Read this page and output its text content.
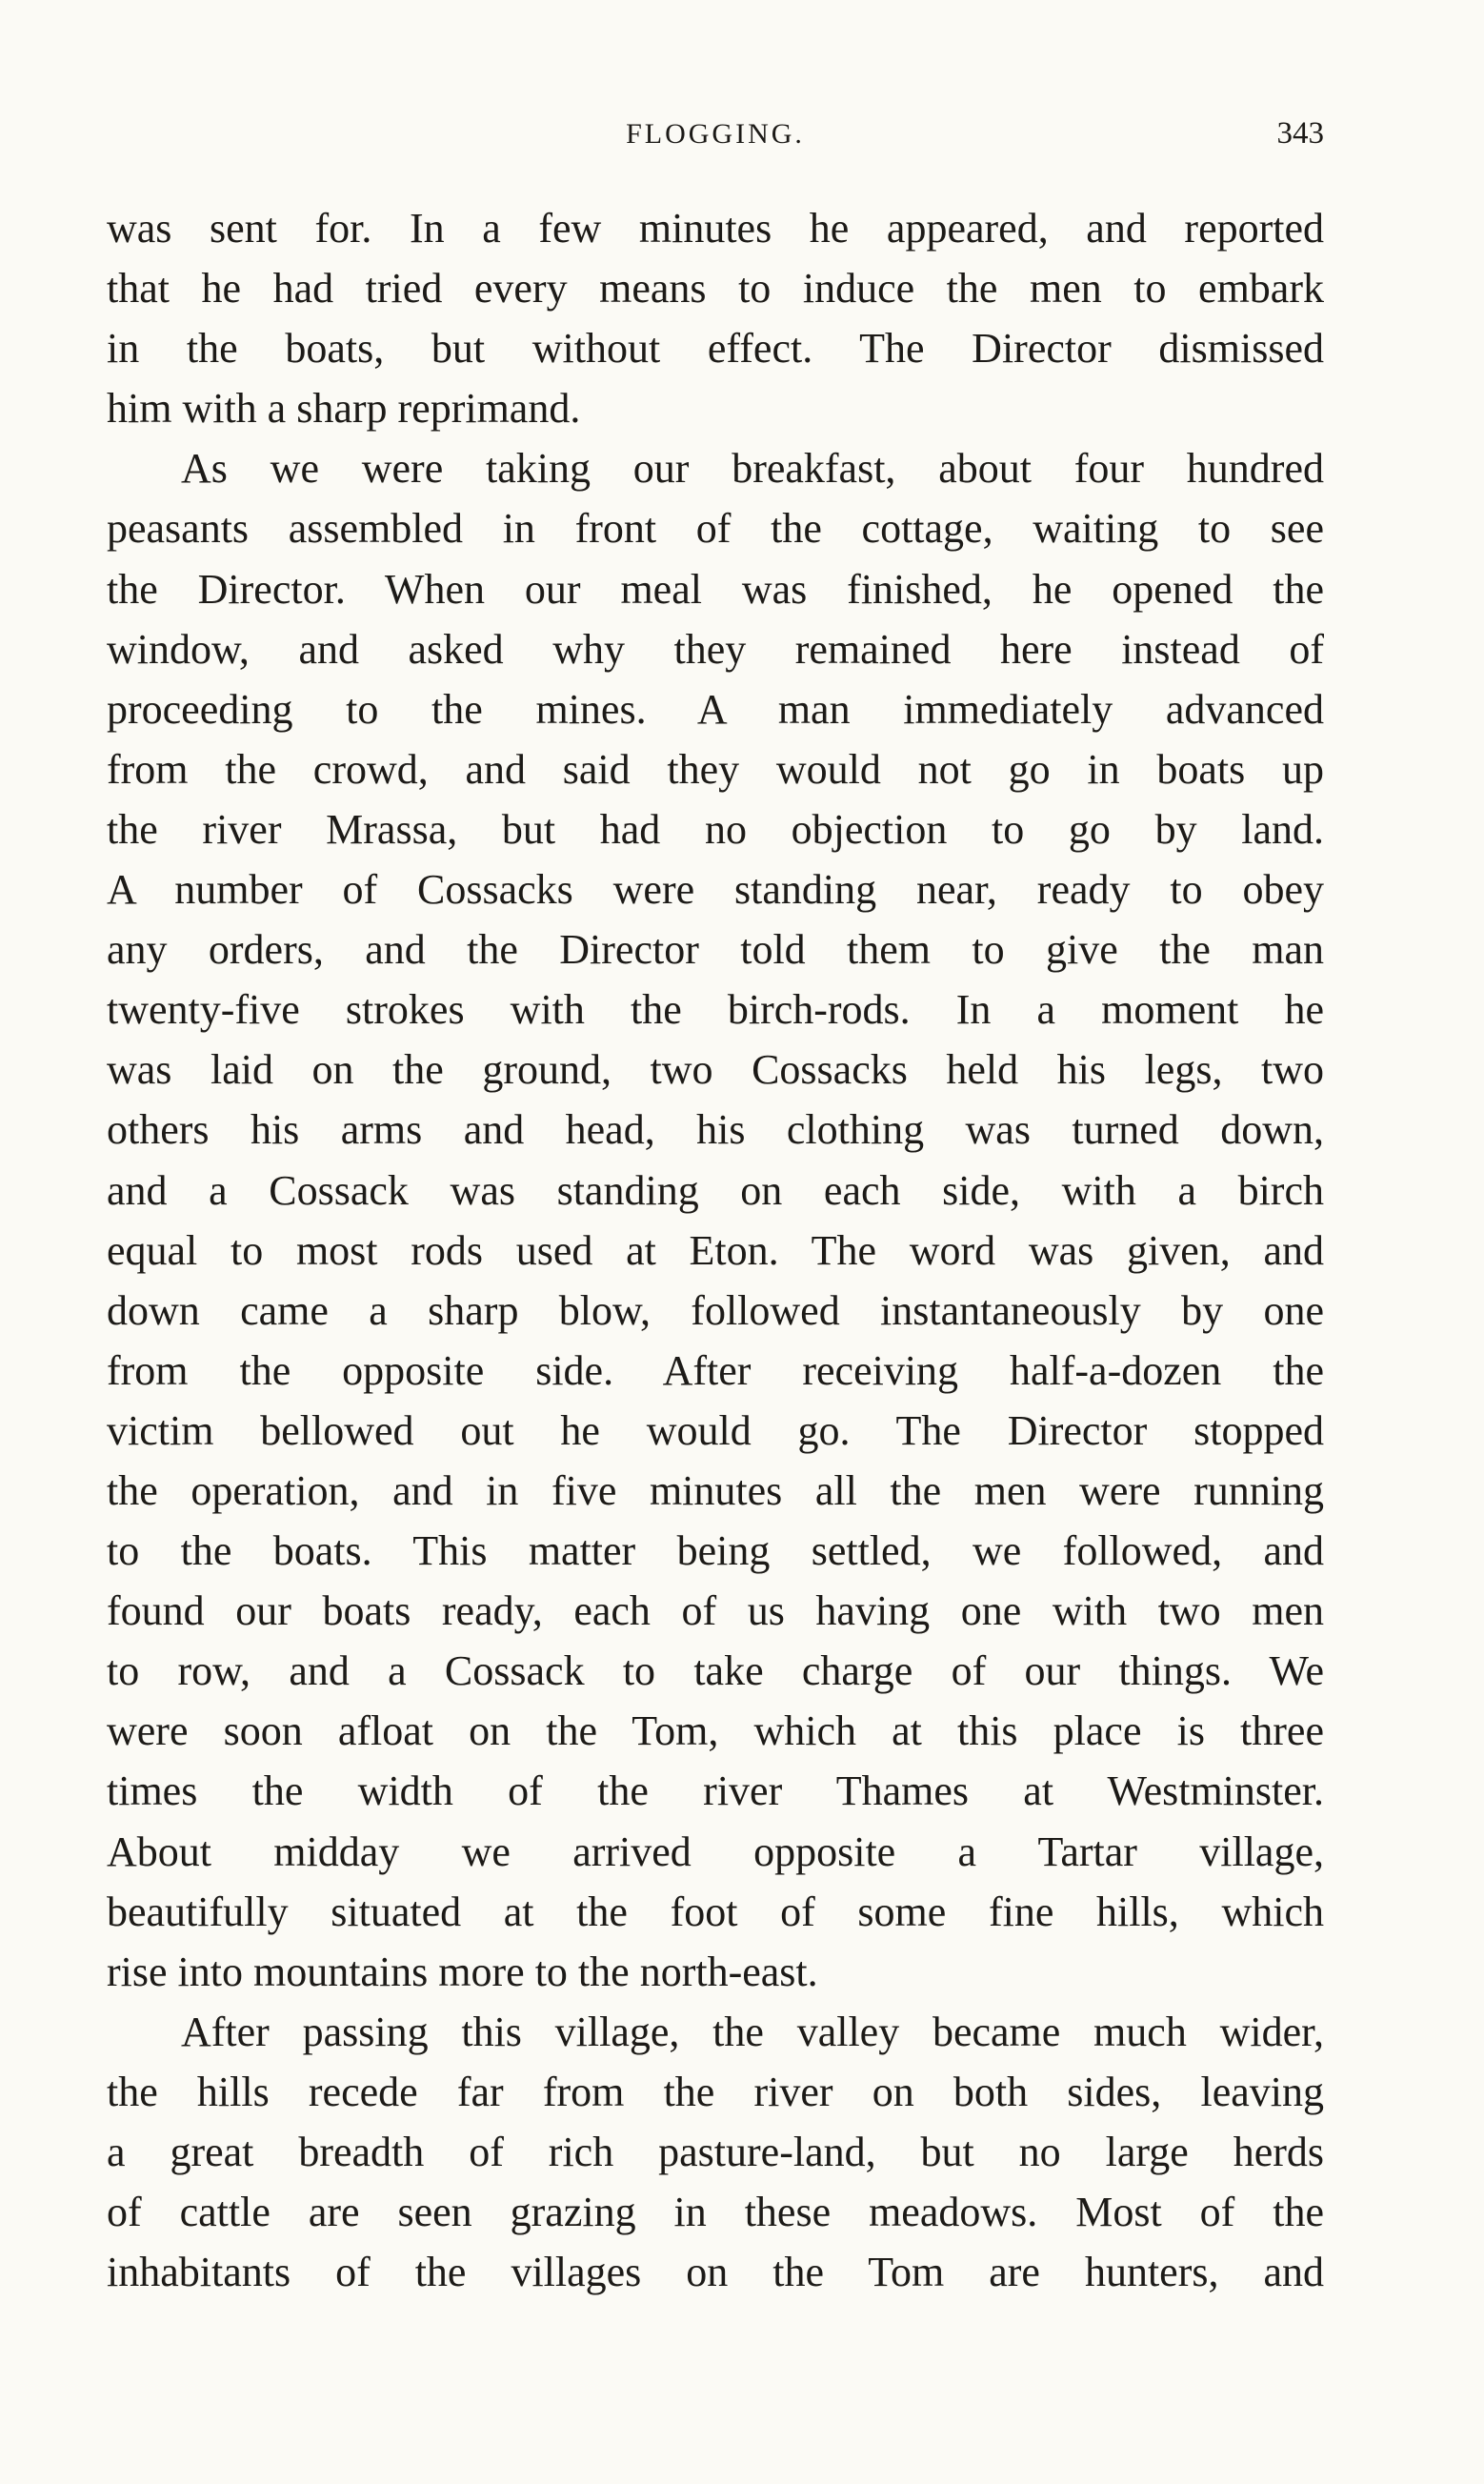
FLOGGING.	343
was sent for. In a few minutes he appeared, and reported
that he had tried every means to induce the men to embark
in the boats, but without effect. The Director dismissed
him with a sharp reprimand.
As we were taking our breakfast, about four hundred
peasants assembled in front of the cottage, waiting to see
the Director. When our meal was finished, he opened the
window, and asked why they remained here instead of
proceeding to the mines. A man immediately advanced
from the crowd, and said they would not go in boats up
the river Mrassa, but had no objection to go by land.
A number of Cossacks were standing near, ready to obey
any orders, and the Director told them to give the man
twenty-five strokes with the birch-rods. In a moment he
was laid on the ground, two Cossacks held his legs, two
others his arms and head, his clothing was turned down,
and a Cossack was standing on each side, with a birch
equal to most rods used at Eton. The word was given, and
down came a sharp blow, followed instantaneously by one
from the opposite side. After receiving half-a-dozen the
victim bellowed out he would go. The Director stopped
the operation, and in five minutes all the men were running
to the boats. This matter being settled, we followed, and
found our boats ready, each of us having one with two men
to row, and a Cossack to take charge of our things. We
were soon afloat on the Tom, which at this place is three
times the width of the river Thames at Westminster.
About midday we arrived opposite a Tartar village,
beautifully situated at the foot of some fine hills, which
rise into mountains more to the north-east.
After passing this village, the valley became much wider,
the hills recede far from the river on both sides, leaving
a great breadth of rich pasture-land, but no large herds
of cattle are seen grazing in these meadows. Most of the
inhabitants of the villages on the Tom are hunters, and
